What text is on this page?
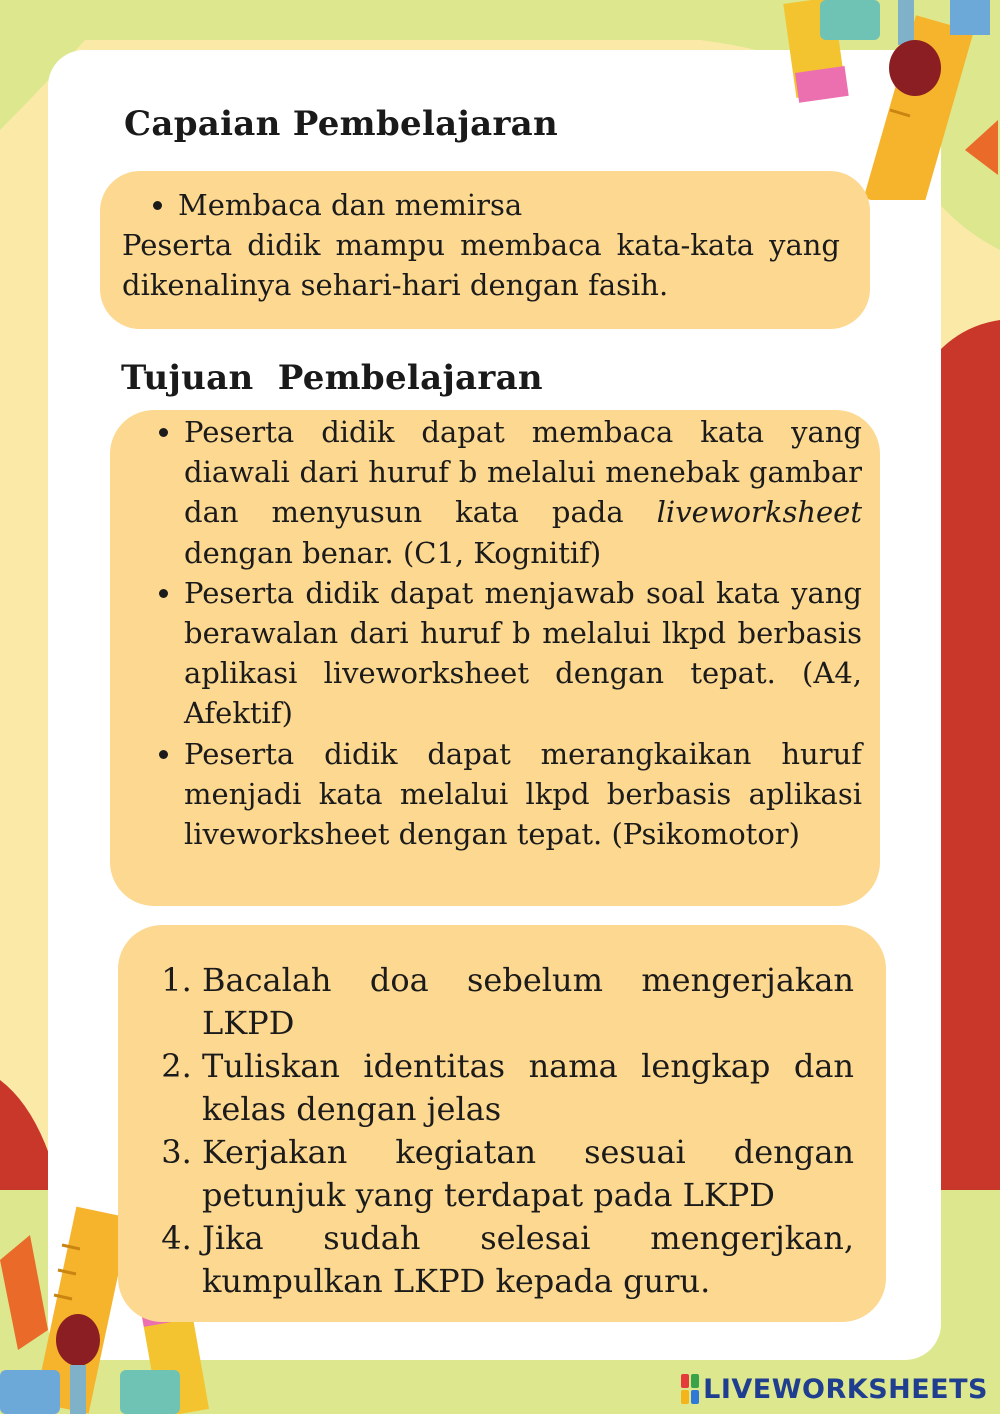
Capaian Pembelajaran
• Membaca dan memirsa

Peserta didik mampu membaca kata-kata yang dikenalinya sehari-hari dengan fasih.

Tujuan  Pembelajaran
• Peserta didik dapat membaca kata yang diawali dari huruf b melalui menebak gambar dan menyusun kata pada liveworksheet dengan benar. (C1, Kognitif)
• Peserta didik dapat menjawab soal kata yang berawalan dari huruf b melalui lkpd berbasis aplikasi liveworksheet dengan tepat. (A4, Afektif)
• Peserta didik dapat merangkaikan huruf menjadi kata melalui lkpd berbasis aplikasi liveworksheet dengan tepat. (Psikomotor)
1. Bacalah doa sebelum mengerjakan LKPD
2. Tuliskan identitas nama lengkap dan kelas dengan jelas
3. Kerjakan kegiatan sesuai dengan petunjuk yang terdapat pada LKPD
4. Jika sudah selesai mengerjkan, kumpulkan LKPD kepada guru.
LIVEWORKSHEETS
